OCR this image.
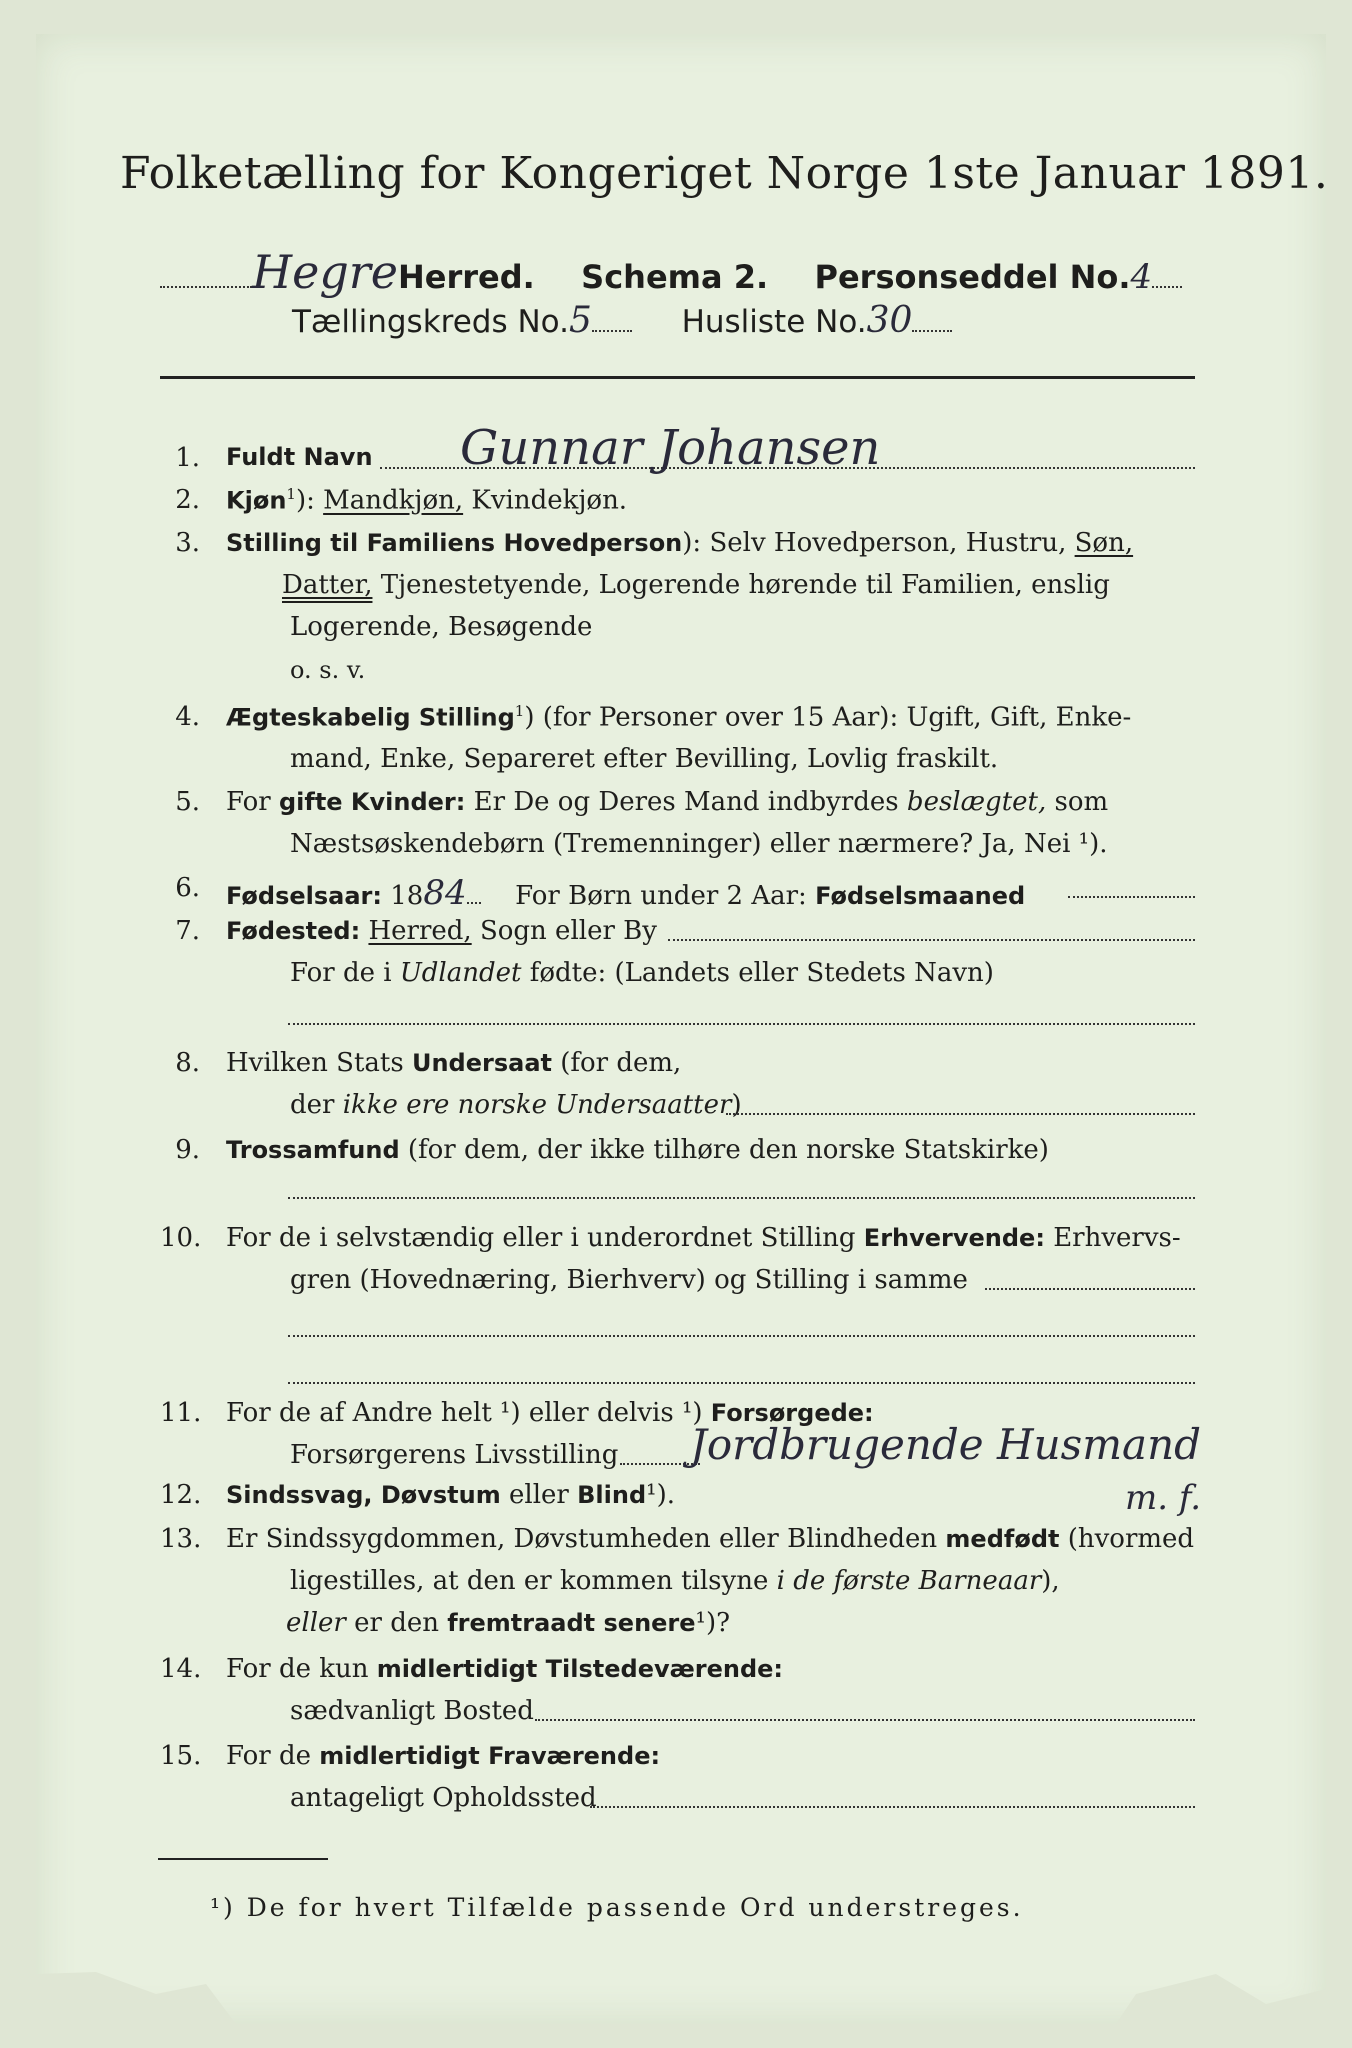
Folketælling for Kongeriget Norge 1ste Januar 1891.
HegreHerred. Schema 2. Personseddel No.4
Tællingskreds No.5	Husliste No.30
1. Fuldt Navn Gunnar Johansen
2. Kjøn$^1$): Mandkjøn, Kvindekjøn.
3. Stilling til Familiens Hovedperson): Selv Hovedperson, Hustru, Søn,
Datter, Tjenestetyende, Logerende hørende til Familien, enslig
Logerende, Besøgende
o. s. v.
4. Ægteskabelig Stilling$^1$) (for Personer over 15 Aar): Ugift, Gift, Enke-
mand, Enke, Separeret efter Bevilling, Lovlig fraskilt.
5. For gifte Kvinder: Er De og Deres Mand indbyrdes beslægtet, som
Næstsøskendebørn (Tremenninger) eller nærmere? Ja, Nei ¹).
6. Fødselsaar: 1884 For Børn under 2 Aar: Fødselsmaaned
7. Fødested: Herred, Sogn eller By
For de i Udlandet fødte: (Landets eller Stedets Navn)
8. Hvilken Stats Undersaat (for dem,
der ikke ere norske Undersaatter)
9. Trossamfund (for dem, der ikke tilhøre den norske Statskirke)
10. For de i selvstændig eller i underordnet Stilling Erhvervende: Erhvervs-
gren (Hovednæring, Bierhverv) og Stilling i samme
11. For de af Andre helt ¹) eller delvis ¹) Forsørgede:
Forsørgerens Livsstilling Jordbrugende Husmand
12. Sindssvag, Døvstum eller Blind¹).	m. f.
13. Er Sindssygdommen, Døvstumheden eller Blindheden medfødt (hvormed
ligestilles, at den er kommen tilsyne i de første Barneaar),
eller er den fremtraadt senere¹)?
14. For de kun midlertidigt Tilstedeværende:
sædvanligt Bosted
15. For de midlertidigt Fraværende:
antageligt Opholdssted
¹) De for hvert Tilfælde passende Ord understreges.
